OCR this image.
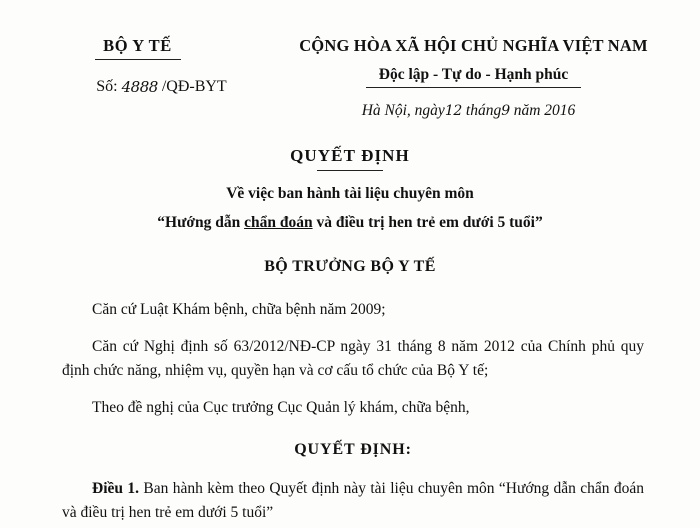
BỘ Y TẾ
Số: 4888 /QĐ-BYT
CỘNG HÒA XÃ HỘI CHỦ NGHĨA VIỆT NAM
Độc lập - Tự do - Hạnh phúc
Hà Nội, ngày12 tháng9 năm 2016
QUYẾT ĐỊNH
Về việc ban hành tài liệu chuyên môn
“Hướng dẫn chẩn đoán và điều trị hen trẻ em dưới 5 tuổi”
BỘ TRƯỞNG BỘ Y TẾ
Căn cứ Luật Khám bệnh, chữa bệnh năm 2009;
Căn cứ Nghị định số 63/2012/NĐ-CP ngày 31 tháng 8 năm 2012 của Chính phủ quy định chức năng, nhiệm vụ, quyền hạn và cơ cấu tổ chức của Bộ Y tế;
Theo đề nghị của Cục trưởng Cục Quản lý khám, chữa bệnh,
QUYẾT ĐỊNH:
Điều 1. Ban hành kèm theo Quyết định này tài liệu chuyên môn “Hướng dẫn chẩn đoán và điều trị hen trẻ em dưới 5 tuổi”
